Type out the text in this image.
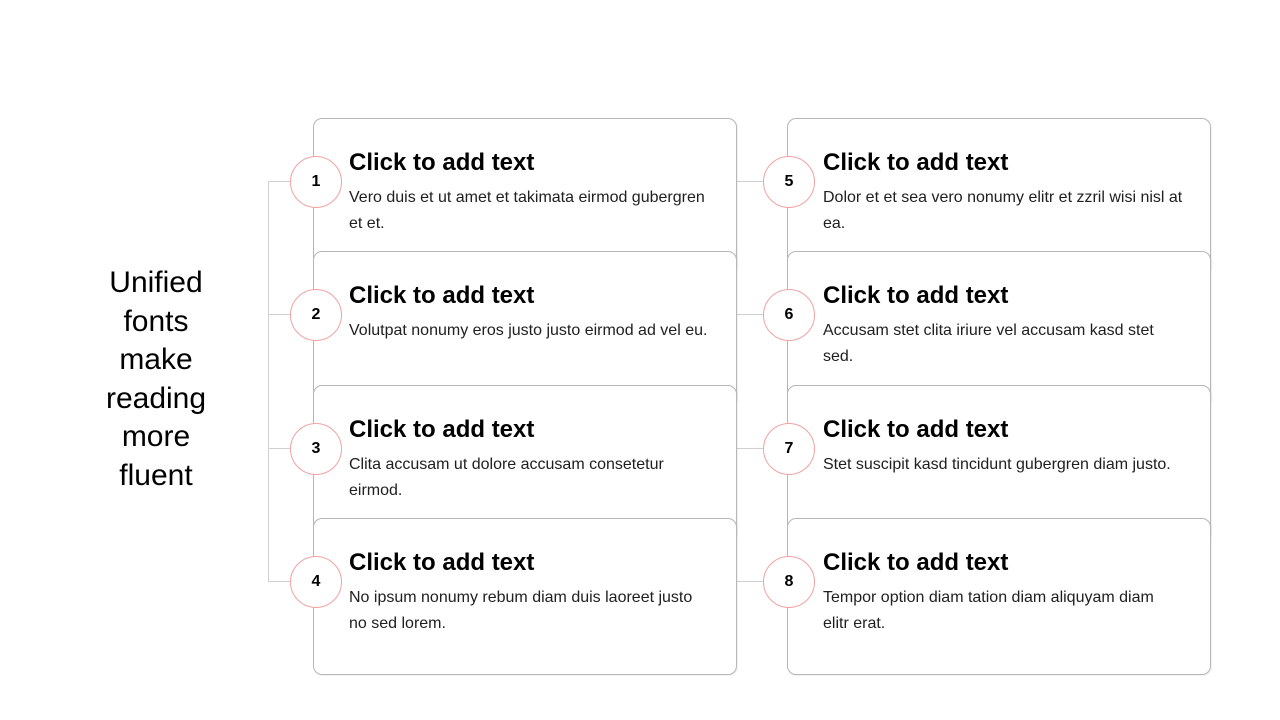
Unified fonts make reading more fluent
Click to add text

Vero duis et ut amet et takimata eirmod gubergren et et.

Click to add text

Volutpat nonumy eros justo justo eirmod ad vel eu.

Click to add text

Clita accusam ut dolore accusam consetetur eirmod.

Click to add text

No ipsum nonumy rebum diam duis laoreet justo no sed lorem.

Click to add text

Dolor et et sea vero nonumy elitr et zzril wisi nisl at ea.

Click to add text

Accusam stet clita iriure vel accusam kasd stet sed.

Click to add text

Stet suscipit kasd tincidunt gubergren diam justo.

Click to add text

Tempor option diam tation diam aliquyam diam elitr erat.

1
2
3
4
5
6
7
8
